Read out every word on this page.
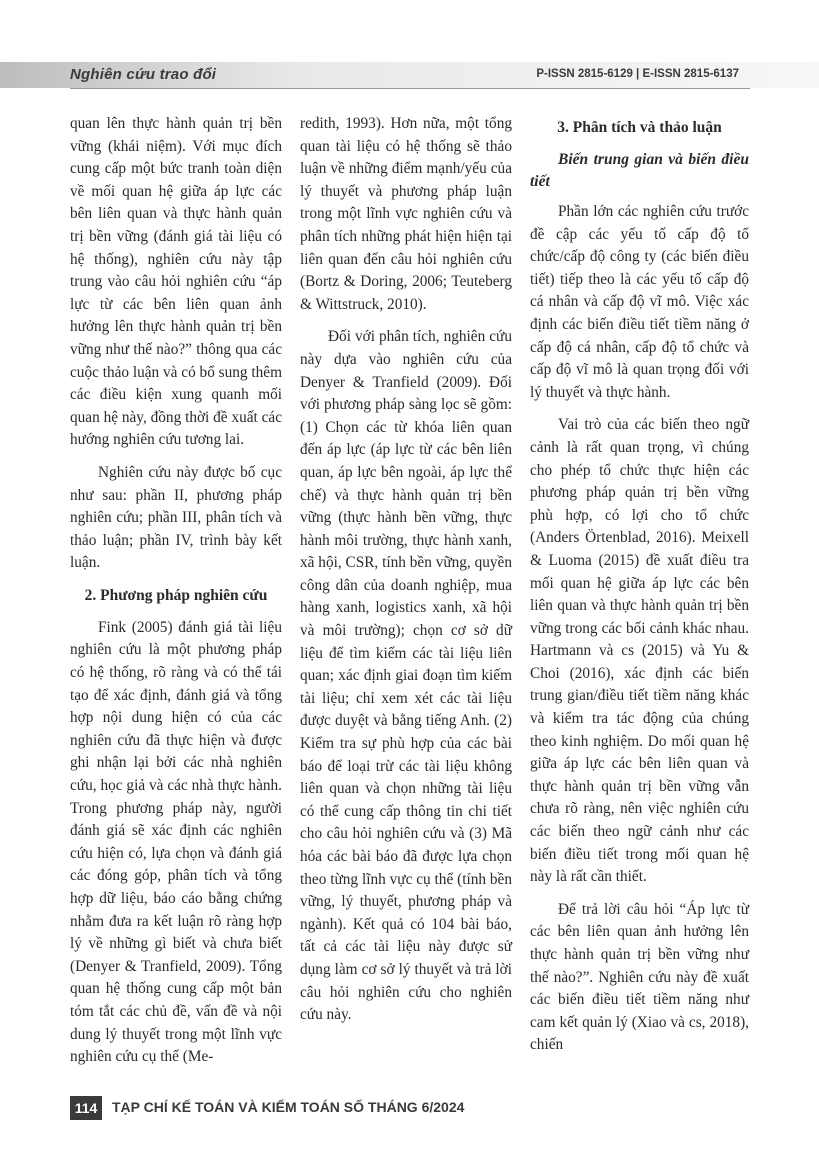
Nghiên cứu trao đổi	P-ISSN 2815-6129 | E-ISSN 2815-6137

quan lên thực hành quản trị bền vững (khái niệm). Với mục đích cung cấp một bức tranh toàn diện về mối quan hệ giữa áp lực các bên liên quan và thực hành quản trị bền vững (đánh giá tài liệu có hệ thống), nghiên cứu này tập trung vào câu hỏi nghiên cứu “áp lực từ các bên liên quan ảnh hưởng lên thực hành quản trị bền vững như thế nào?” thông qua các cuộc thảo luận và có bổ sung thêm các điều kiện xung quanh mối quan hệ này, đồng thời đề xuất các hướng nghiên cứu tương lai.

Nghiên cứu này được bố cục như sau: phần II, phương pháp nghiên cứu; phần III, phân tích và thảo luận; phần IV, trình bày kết luận.

2. Phương pháp nghiên cứu

Fink (2005) đánh giá tài liệu nghiên cứu là một phương pháp có hệ thống, rõ ràng và có thể tái tạo để xác định, đánh giá và tổng hợp nội dung hiện có của các nghiên cứu đã thực hiện và được ghi nhận lại bởi các nhà nghiên cứu, học giả và các nhà thực hành. Trong phương pháp này, người đánh giá sẽ xác định các nghiên cứu hiện có, lựa chọn và đánh giá các đóng góp, phân tích và tổng hợp dữ liệu, báo cáo bằng chứng nhằm đưa ra kết luận rõ ràng hợp lý về những gì biết và chưa biết (Denyer & Tranfield, 2009). Tổng quan hệ thống cung cấp một bản tóm tắt các chủ đề, vấn đề và nội dung lý thuyết trong một lĩnh vực nghiên cứu cụ thể (Me-

redith, 1993). Hơn nữa, một tổng quan tài liệu có hệ thống sẽ thảo luận về những điểm mạnh/yếu của lý thuyết và phương pháp luận trong một lĩnh vực nghiên cứu và phân tích những phát hiện hiện tại liên quan đến câu hỏi nghiên cứu (Bortz & Doring, 2006; Teuteberg & Wittstruck, 2010).

Đối với phân tích, nghiên cứu này dựa vào nghiên cứu của Denyer & Tranfield (2009). Đối với phương pháp sàng lọc sẽ gồm: (1) Chọn các từ khóa liên quan đến áp lực (áp lực từ các bên liên quan, áp lực bên ngoài, áp lực thể chế) và thực hành quản trị bền vững (thực hành bền vững, thực hành môi trường, thực hành xanh, xã hội, CSR, tính bền vững, quyền công dân của doanh nghiệp, mua hàng xanh, logistics xanh, xã hội và môi trường); chọn cơ sở dữ liệu để tìm kiếm các tài liệu liên quan; xác định giai đoạn tìm kiếm tài liệu; chỉ xem xét các tài liệu được duyệt và bằng tiếng Anh. (2) Kiểm tra sự phù hợp của các bài báo để loại trừ các tài liệu không liên quan và chọn những tài liệu có thể cung cấp thông tin chi tiết cho câu hỏi nghiên cứu và (3) Mã hóa các bài báo đã được lựa chọn theo từng lĩnh vực cụ thể (tính bền vững, lý thuyết, phương pháp và ngành). Kết quả có 104 bài báo, tất cả các tài liệu này được sử dụng làm cơ sở lý thuyết và trả lời câu hỏi nghiên cứu cho nghiên cứu này.

3. Phân tích và thảo luận
Biến trung gian và biến điều tiết

Phần lớn các nghiên cứu trước đề cập các yếu tố cấp độ tổ chức/cấp độ công ty (các biến điều tiết) tiếp theo là các yếu tố cấp độ cá nhân và cấp độ vĩ mô. Việc xác định các biến điều tiết tiềm năng ở cấp độ cá nhân, cấp độ tổ chức và cấp độ vĩ mô là quan trọng đối với lý thuyết và thực hành.

Vai trò của các biến theo ngữ cảnh là rất quan trọng, vì chúng cho phép tổ chức thực hiện các phương pháp quản trị bền vững phù hợp, có lợi cho tổ chức (Anders Örtenblad, 2016). Meixell & Luoma (2015) đề xuất điều tra mối quan hệ giữa áp lực các bên liên quan và thực hành quản trị bền vững trong các bối cảnh khác nhau. Hartmann và cs (2015) và Yu & Choi (2016), xác định các biến trung gian/điều tiết tiềm năng khác và kiểm tra tác động của chúng theo kinh nghiệm. Do mối quan hệ giữa áp lực các bên liên quan và thực hành quản trị bền vững vẫn chưa rõ ràng, nên việc nghiên cứu các biến theo ngữ cảnh như các biến điều tiết trong mối quan hệ này là rất cần thiết.

Để trả lời câu hỏi “Áp lực từ các bên liên quan ảnh hưởng lên thực hành quản trị bền vững như thế nào?”. Nghiên cứu này đề xuất các biến điều tiết tiềm năng như cam kết quản lý (Xiao và cs, 2018), chiến

114	TẠP CHÍ KẾ TOÁN VÀ KIỂM TOÁN SỐ THÁNG 6/2024
